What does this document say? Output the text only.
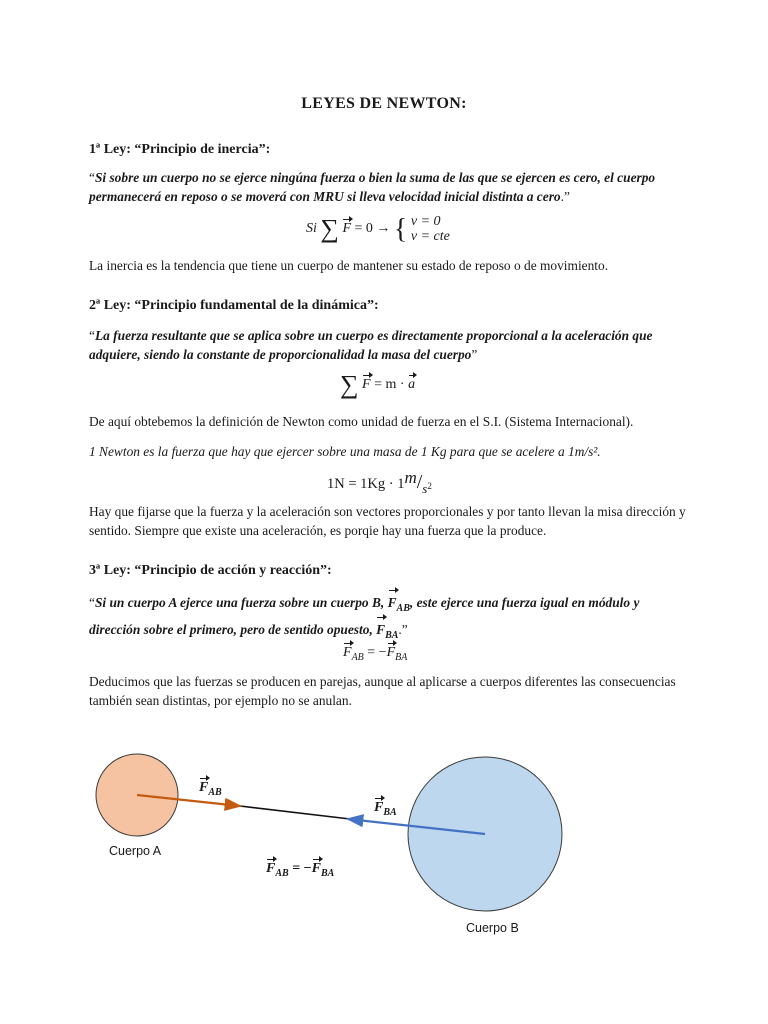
LEYES DE NEWTON:
1ª Ley: “Principio de inercia”:
“Si sobre un cuerpo no se ejerce ningúna fuerza o bien la suma de las que se ejercen es cero, el cuerpo permanecerá en reposo o se moverá con MRU si lleva velocidad inicial distinta a cero.”
Si ∑ F = 0 → { v = 0
v = cte
La inercia es la tendencia que tiene un cuerpo de mantener su estado de reposo o de movimiento.
2ª Ley: “Principio fundamental de la dinámica”:
“La fuerza resultante que se aplica sobre un cuerpo es directamente proporcional a la aceleración que adquiere, siendo la constante de proporcionalidad la masa del cuerpo”
∑ F = m · a
De aquí obtebemos la definición de Newton como unidad de fuerza en el S.I. (Sistema Internacional).
1 Newton es la fuerza que hay que ejercer sobre una masa de 1 Kg para que se acelere a 1m/s².
1N = 1Kg · 1m/s2
Hay que fijarse que la fuerza y la aceleración son vectores proporcionales y por tanto llevan la misa dirección y sentido. Siempre que existe una aceleración, es porqie hay una fuerza que la produce.
3ª Ley: “Principio de acción y reacción”:
“Si un cuerpo A ejerce una fuerza sobre un cuerpo B, $F_{AB}$, este ejerce una fuerza igual en módulo y dirección sobre el primero, pero de sentido opuesto, $F_{BA}$.”
$F_{AB} = -F_{BA}$
Deducimos que las fuerzas se producen en parejas, aunque al aplicarse a cuerpos diferentes las consecuencias también sean distintas, por ejemplo no se anulan.
$F_{AB}$
$F_{BA}$
Cuerpo A
$F_{AB} = -F_{BA}$
Cuerpo B
